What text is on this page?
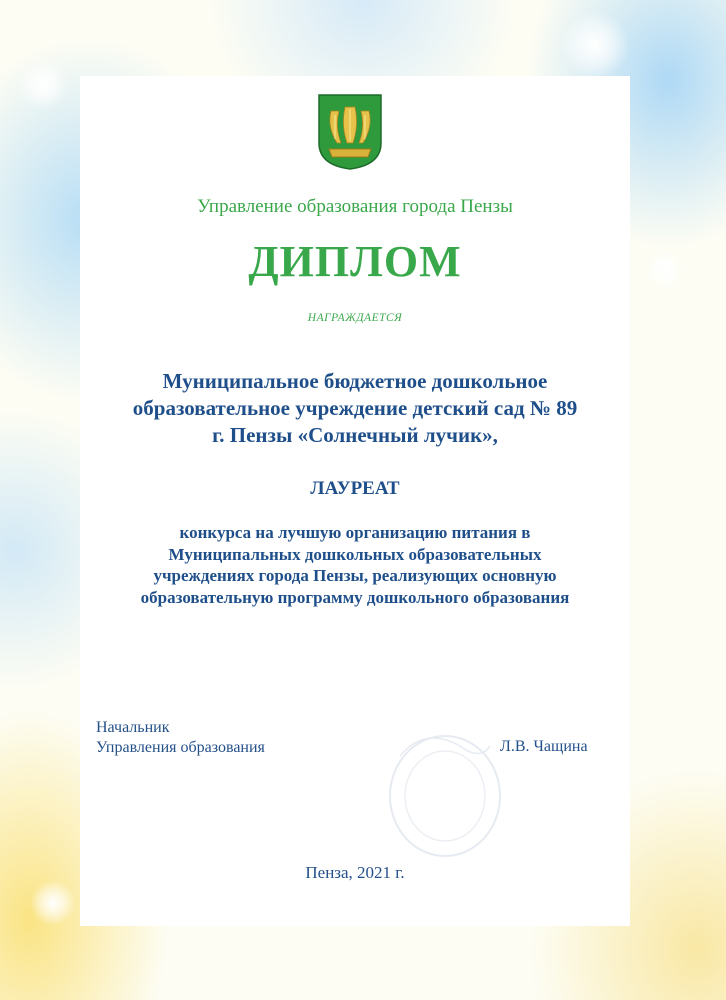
Управление образования города Пензы
ДИПЛОМ
НАГРАЖДАЕТСЯ
Муниципальное бюджетное дошкольное
образовательное учреждение детский сад № 89
г. Пензы «Солнечный лучик»,
ЛАУРЕАТ
конкурса на лучшую организацию питания в
Муниципальных дошкольных образовательных
учреждениях города Пензы, реализующих основную
образовательную программу дошкольного образования
Начальник
Управления образования	Л.В. Чащина
Пенза, 2021 г.
